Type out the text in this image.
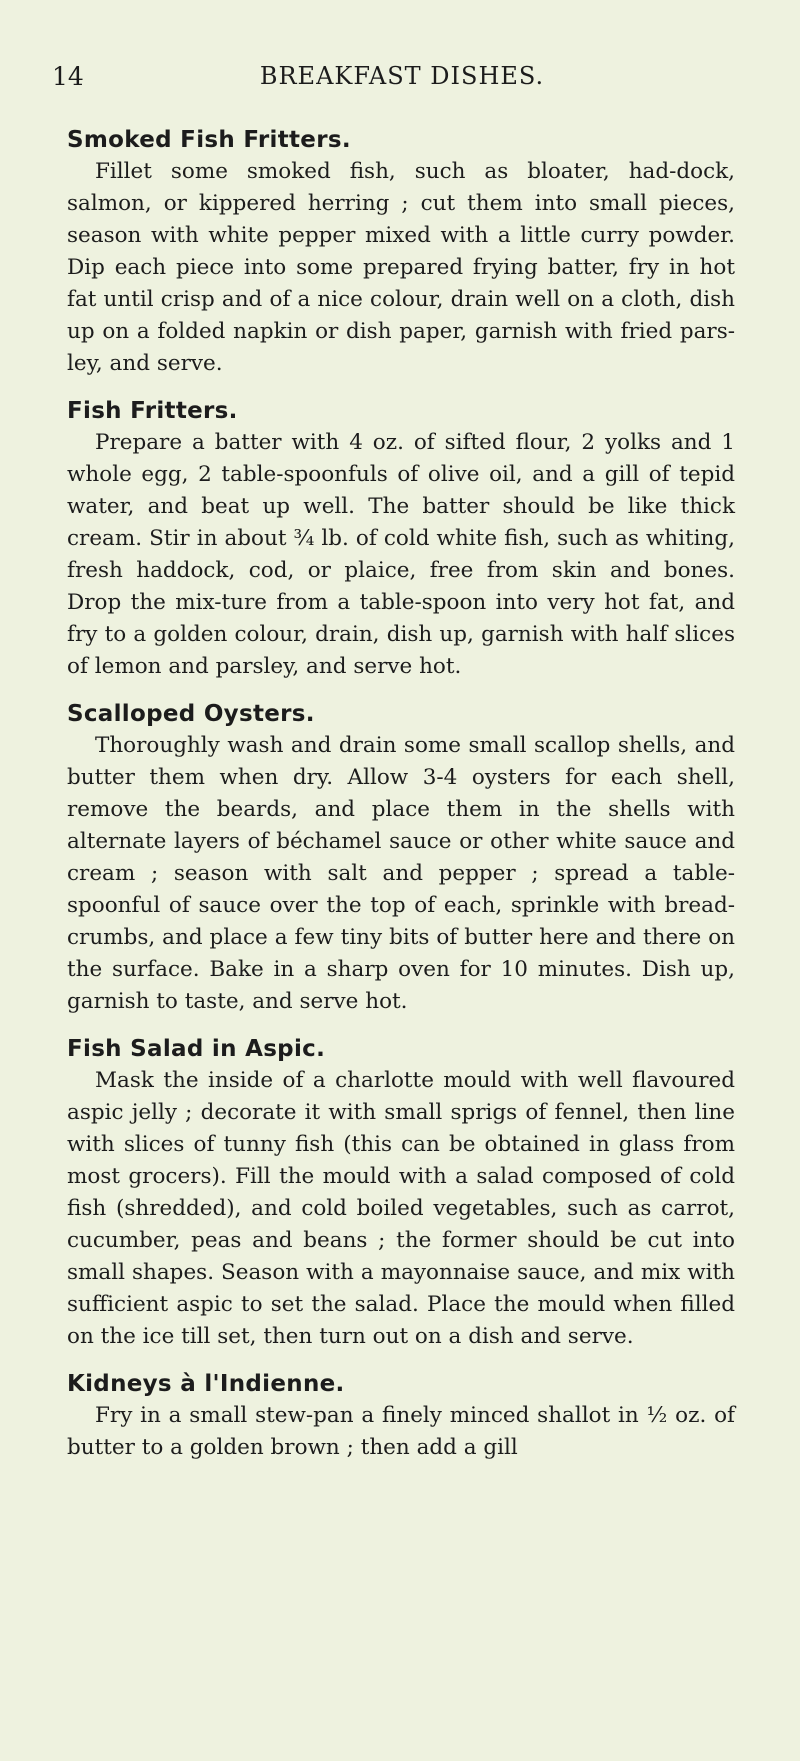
14	BREAKFAST DISHES.
Smoked Fish Fritters.

Fillet some smoked fish, such as bloater, had-dock, salmon, or kippered herring ; cut them into small pieces, season with white pepper mixed with a little curry powder. Dip each piece into some prepared frying batter, fry in hot fat until crisp and of a nice colour, drain well on a cloth, dish up on a folded napkin or dish paper, garnish with fried pars-ley, and serve.

Fish Fritters.

Prepare a batter with 4 oz. of sifted flour, 2 yolks and 1 whole egg, 2 table-spoonfuls of olive oil, and a gill of tepid water, and beat up well. The batter should be like thick cream. Stir in about ¾ lb. of cold white fish, such as whiting, fresh haddock, cod, or plaice, free from skin and bones. Drop the mix-ture from a table-spoon into very hot fat, and fry to a golden colour, drain, dish up, garnish with half slices of lemon and parsley, and serve hot.

Scalloped Oysters.

Thoroughly wash and drain some small scallop shells, and butter them when dry. Allow 3-4 oysters for each shell, remove the beards, and place them in the shells with alternate layers of béchamel sauce or other white sauce and cream ; season with salt and pepper ; spread a table-spoonful of sauce over the top of each, sprinkle with bread-crumbs, and place a few tiny bits of butter here and there on the surface. Bake in a sharp oven for 10 minutes. Dish up, garnish to taste, and serve hot.

Fish Salad in Aspic.

Mask the inside of a charlotte mould with well flavoured aspic jelly ; decorate it with small sprigs of fennel, then line with slices of tunny fish (this can be obtained in glass from most grocers). Fill the mould with a salad composed of cold fish (shredded), and cold boiled vegetables, such as carrot, cucumber, peas and beans ; the former should be cut into small shapes. Season with a mayonnaise sauce, and mix with sufficient aspic to set the salad. Place the mould when filled on the ice till set, then turn out on a dish and serve.

Kidneys à l'Indienne.

Fry in a small stew-pan a finely minced shallot in ½ oz. of butter to a golden brown ; then add a gill
